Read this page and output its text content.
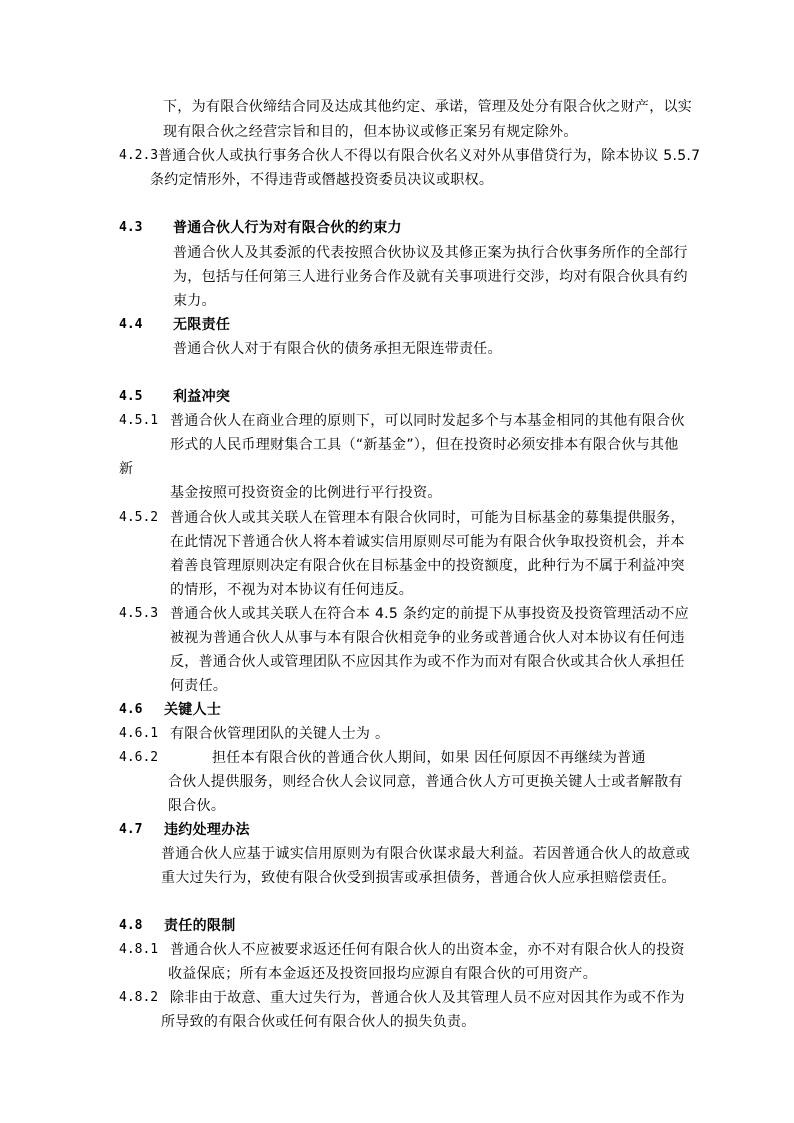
下，为有限合伙缔结合同及达成其他约定、承诺，管理及处分有限合伙之财产，以实
现有限合伙之经营宗旨和目的，但本协议或修正案另有规定除外。
4.2.3 普通合伙人或执行事务合伙人不得以有限合伙名义对外从事借贷行为，除本协议 5.5.7
条约定情形外，不得违背或僭越投资委员决议或职权。
4.3 普通合伙人行为对有限合伙的约束力
普通合伙人及其委派的代表按照合伙协议及其修正案为执行合伙事务所作的全部行
为，包括与任何第三人进行业务合作及就有关事项进行交涉，均对有限合伙具有约
束力。
4.4 无限责任
普通合伙人对于有限合伙的债务承担无限连带责任。
4.5 利益冲突
4.5.1 普通合伙人在商业合理的原则下，可以同时发起多个与本基金相同的其他有限合伙
形式的人民币理财集合工具（“新基金”），但在投资时必须安排本有限合伙与其他
新
基金按照可投资资金的比例进行平行投资。
4.5.2 普通合伙人或其关联人在管理本有限合伙同时，可能为目标基金的募集提供服务，
在此情况下普通合伙人将本着诚实信用原则尽可能为有限合伙争取投资机会，并本
着善良管理原则决定有限合伙在目标基金中的投资额度，此种行为不属于利益冲突
的情形，不视为对本协议有任何违反。
4.5.3 普通合伙人或其关联人在符合本 4.5 条约定的前提下从事投资及投资管理活动不应
被视为普通合伙人从事与本有限合伙相竞争的业务或普通合伙人对本协议有任何违
反，普通合伙人或管理团队不应因其作为或不作为而对有限合伙或其合伙人承担任
何责任。
4.6 关键人士
4.6.1 有限合伙管理团队的关键人士为 。
4.6.2	担任本有限合伙的普通合伙人期间，如果 因任何原因不再继续为普通
合伙人提供服务，则经合伙人会议同意，普通合伙人方可更换关键人士或者解散有
限合伙。
4.7 违约处理办法
普通合伙人应基于诚实信用原则为有限合伙谋求最大利益。若因普通合伙人的故意或
重大过失行为，致使有限合伙受到损害或承担债务，普通合伙人应承担赔偿责任。
4.8 责任的限制
4.8.1 普通合伙人不应被要求返还任何有限合伙人的出资本金，亦不对有限合伙人的投资
收益保底；所有本金返还及投资回报均应源自有限合伙的可用资产。
4.8.2 除非由于故意、重大过失行为，普通合伙人及其管理人员不应对因其作为或不作为
所导致的有限合伙或任何有限合伙人的损失负责。
